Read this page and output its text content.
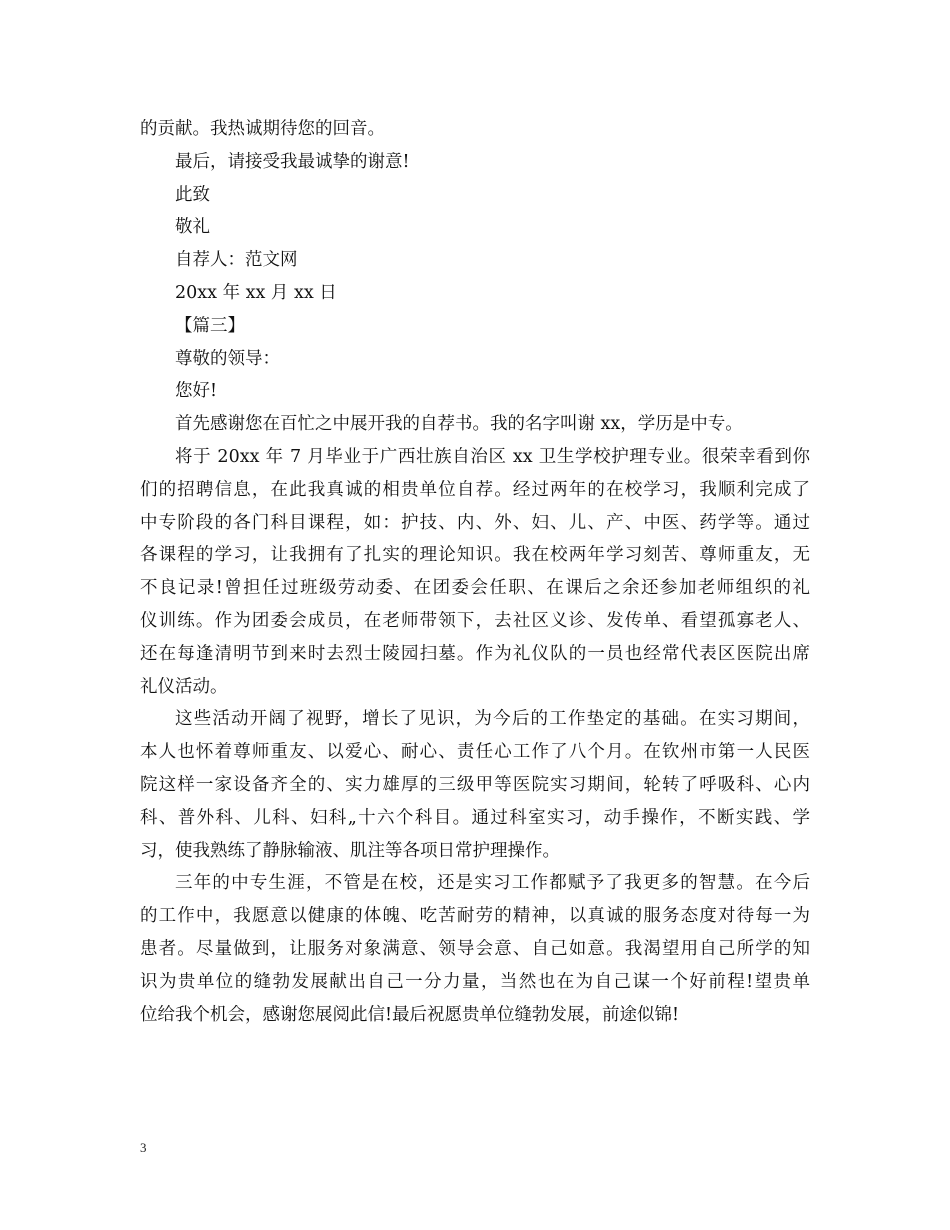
的贡献。我热诚期待您的回音。
最后，请接受我最诚挚的谢意!
此致
敬礼
自荐人：范文网
20xx 年 xx 月 xx 日
【篇三】
尊敬的领导：
您好!
首先感谢您在百忙之中展开我的自荐书。我的名字叫谢 xx，学历是中专。
将于 20xx 年 7 月毕业于广西壮族自治区 xx 卫生学校护理专业。很荣幸看到你
们的招聘信息，在此我真诚的相贵单位自荐。经过两年的在校学习，我顺利完成了
中专阶段的各门科目课程，如：护技、内、外、妇、儿、产、中医、药学等。通过
各课程的学习，让我拥有了扎实的理论知识。我在校两年学习刻苦、尊师重友，无
不良记录!曾担任过班级劳动委、在团委会任职、在课后之余还参加老师组织的礼
仪训练。作为团委会成员，在老师带领下，去社区义诊、发传单、看望孤寡老人、
还在每逢清明节到来时去烈士陵园扫墓。作为礼仪队的一员也经常代表区医院出席
礼仪活动。
这些活动开阔了视野，增长了见识，为今后的工作垫定的基础。在实习期间，
本人也怀着尊师重友、以爱心、耐心、责任心工作了八个月。在钦州市第一人民医
院这样一家设备齐全的、实力雄厚的三级甲等医院实习期间，轮转了呼吸科、心内
科、普外科、儿科、妇科„十六个科目。通过科室实习，动手操作，不断实践、学
习，使我熟练了静脉输液、肌注等各项日常护理操作。
三年的中专生涯，不管是在校，还是实习工作都赋予了我更多的智慧。在今后
的工作中，我愿意以健康的体魄、吃苦耐劳的精神，以真诚的服务态度对待每一为
患者。尽量做到，让服务对象满意、领导会意、自己如意。我渴望用自己所学的知
识为贵单位的缝勃发展献出自己一分力量，当然也在为自己谋一个好前程!望贵单
位给我个机会，感谢您展阅此信!最后祝愿贵单位缝勃发展，前途似锦!
3
